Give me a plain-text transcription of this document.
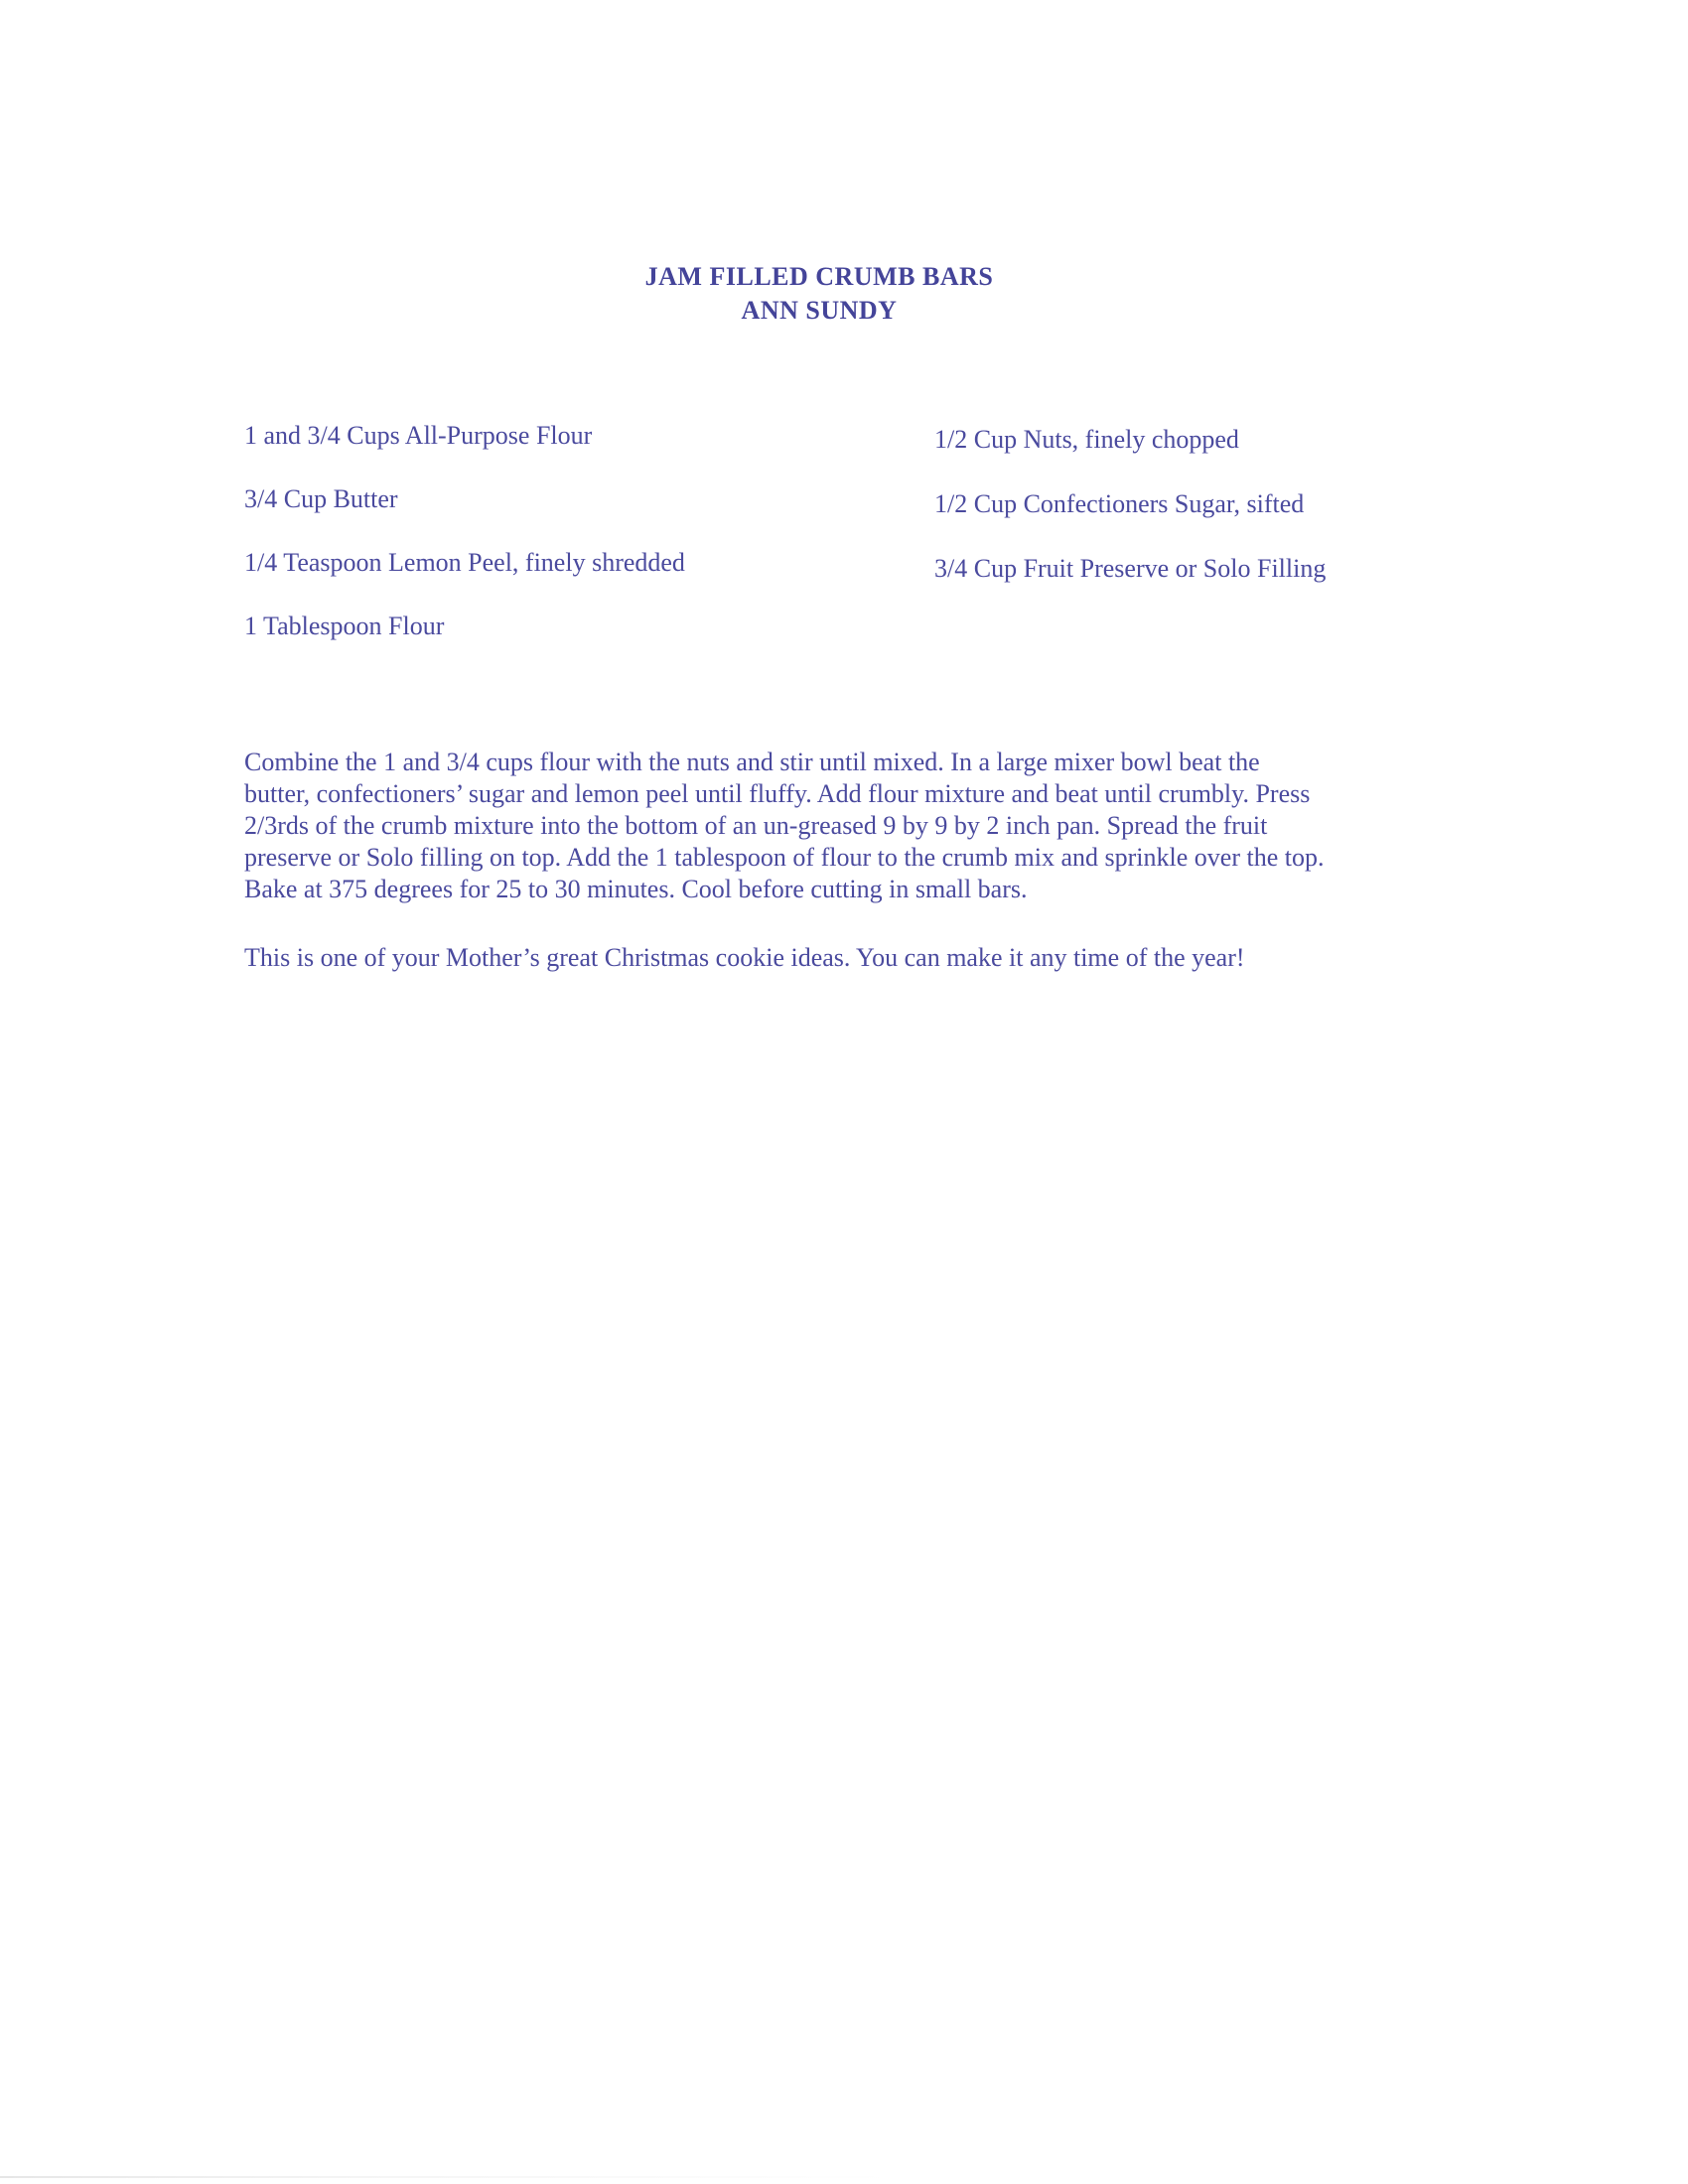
JAM FILLED CRUMB BARS
ANN SUNDY
1 and 3/4 Cups All-Purpose Flour
3/4 Cup Butter
1/4 Teaspoon Lemon Peel, finely shredded
1 Tablespoon Flour
1/2 Cup Nuts, finely chopped
1/2 Cup Confectioners Sugar, sifted
3/4 Cup Fruit Preserve or Solo Filling
Combine the 1 and 3/4 cups flour with the nuts and stir until mixed. In a large mixer bowl beat the
butter, confectioners’ sugar and lemon peel until fluffy. Add flour mixture and beat until crumbly. Press
2/3rds of the crumb mixture into the bottom of an un-greased 9 by 9 by 2 inch pan. Spread the fruit
preserve or Solo filling on top. Add the 1 tablespoon of flour to the crumb mix and sprinkle over the top.
Bake at 375 degrees for 25 to 30 minutes. Cool before cutting in small bars.
This is one of your Mother’s great Christmas cookie ideas. You can make it any time of the year!
